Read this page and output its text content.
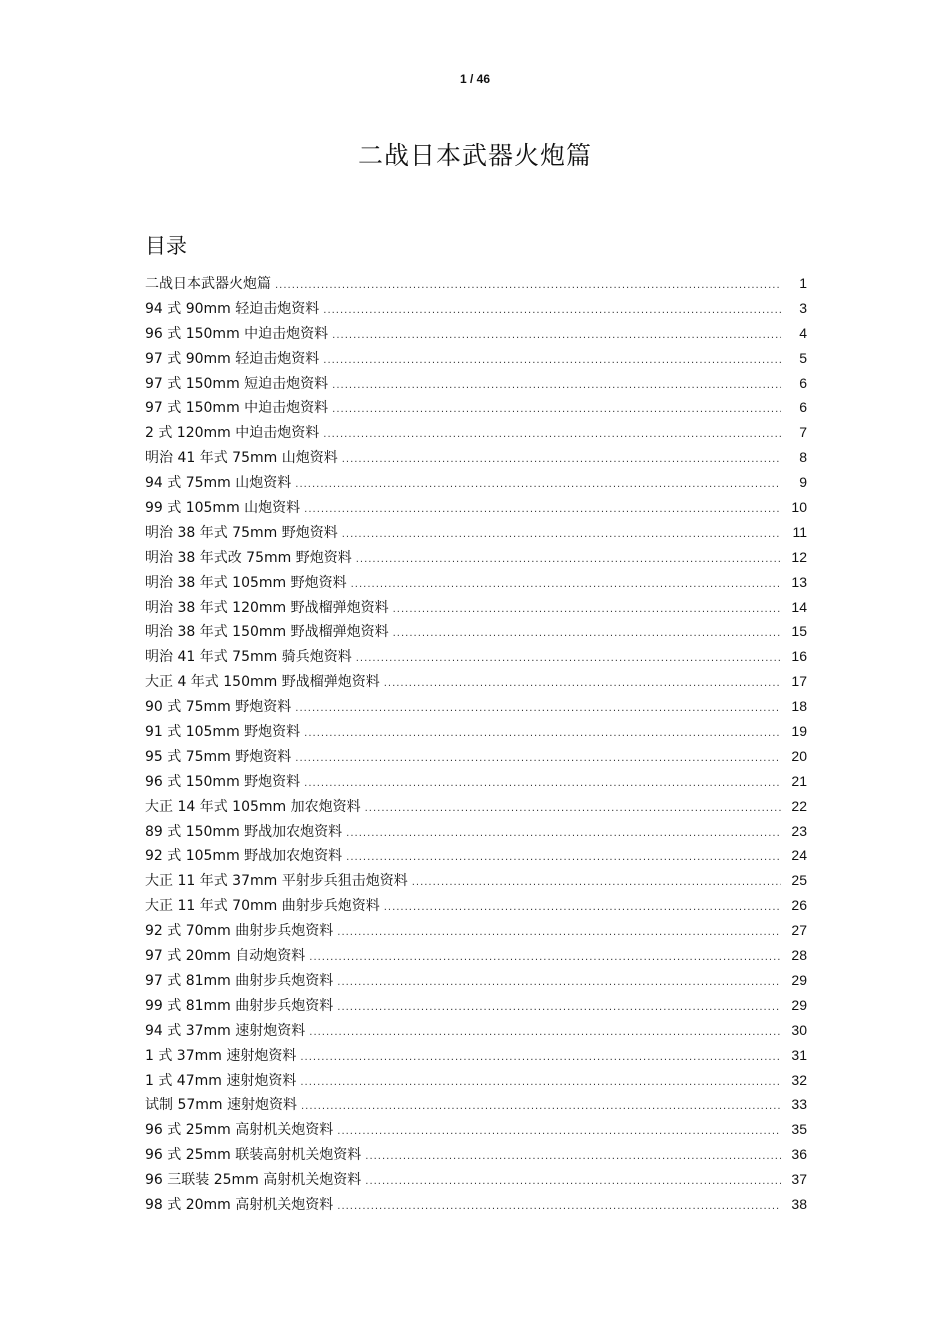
1 / 46
二战日本武器火炮篇
目录
二战日本武器火炮篇 .....	1
94 式 90mm 轻迫击炮资料 .....	3
96 式 150mm 中迫击炮资料 .....	4
97 式 90mm 轻迫击炮资料 .....	5
97 式 150mm 短迫击炮资料 .....	6
97 式 150mm 中迫击炮资料 .....	6
2 式 120mm 中迫击炮资料 .....	7
明治 41 年式 75mm 山炮资料 .....	8
94 式 75mm 山炮资料 .....	9
99 式 105mm 山炮资料 .....	10
明治 38 年式 75mm 野炮资料 .....	11
明治 38 年式改 75mm 野炮资料 .....	12
明治 38 年式 105mm 野炮资料 .....	13
明治 38 年式 120mm 野战榴弹炮资料 .....	14
明治 38 年式 150mm 野战榴弹炮资料 .....	15
明治 41 年式 75mm 骑兵炮资料 .....	16
大正 4 年式 150mm 野战榴弹炮资料 .....	17
90 式 75mm 野炮资料 .....	18
91 式 105mm 野炮资料 .....	19
95 式 75mm 野炮资料 .....	20
96 式 150mm 野炮资料 .....	21
大正 14 年式 105mm 加农炮资料 .....	22
89 式 150mm 野战加农炮资料 .....	23
92 式 105mm 野战加农炮资料 .....	24
大正 11 年式 37mm 平射步兵狙击炮资料 .....	25
大正 11 年式 70mm 曲射步兵炮资料 .....	26
92 式 70mm 曲射步兵炮资料 .....	27
97 式 20mm 自动炮资料 .....	28
97 式 81mm 曲射步兵炮资料 .....	29
99 式 81mm 曲射步兵炮资料 .....	29
94 式 37mm 速射炮资料 .....	30
1 式 37mm 速射炮资料 .....	31
1 式 47mm 速射炮资料 .....	32
试制 57mm 速射炮资料 .....	33
96 式 25mm 高射机关炮资料 .....	35
96 式 25mm 联装高射机关炮资料 .....	36
96 三联装 25mm 高射机关炮资料 .....	37
98 式 20mm 高射机关炮资料 .....	38
